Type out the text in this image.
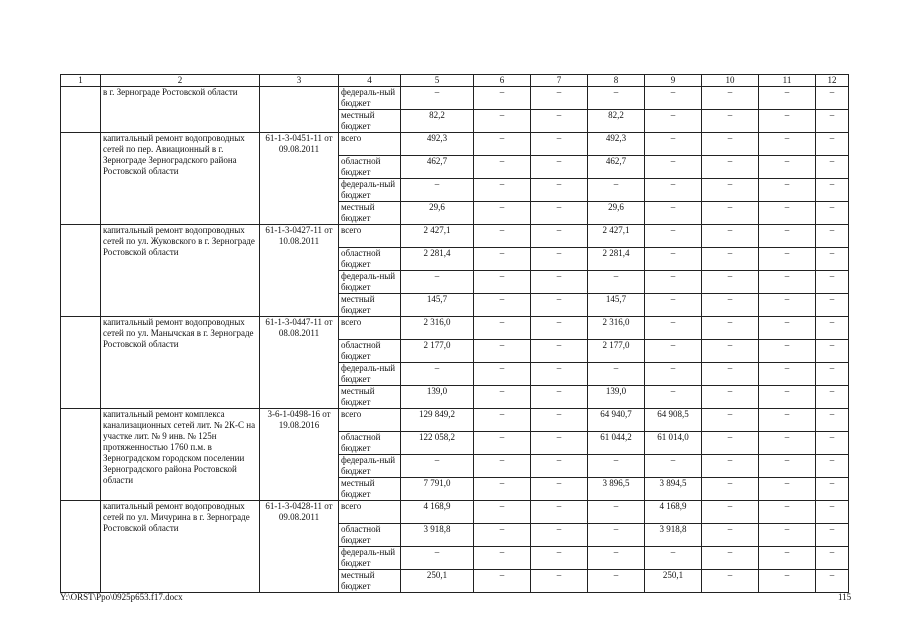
1	2	3	4	5	6	7	8	9	10	11	12
	в г. Зернограде Ростовской области		федераль-ный бюджет	–	–	–	–	–	–	–	–
			местный бюджет	82,2	–	–	82,2	–	–	–	–
	капитальный ремонт водопроводных сетей по пер. Авиационный в г. Зернограде Зерноградского района Ростовской области	61-1-3-0451-11 от 09.08.2011	всего	492,3	–	–	492,3	–	–	–	–
			областной бюджет	462,7	–	–	462,7	–	–	–	–
			федераль-ный бюджет	–	–	–	–	–	–	–	–
			местный бюджет	29,6	–	–	29,6	–	–	–	–
	капитальный ремонт водопроводных сетей по ул. Жуковского в г. Зернограде Ростовской области	61-1-3-0427-11 от 10.08.2011	всего	2 427,1	–	–	2 427,1	–	–	–	–
			областной бюджет	2 281,4	–	–	2 281,4	–	–	–	–
			федераль-ный бюджет	–	–	–	–	–	–	–	–
			местный бюджет	145,7	–	–	145,7	–	–	–	–
	капитальный ремонт водопроводных сетей по ул. Манычская в г. Зернограде Ростовской области	61-1-3-0447-11 от 08.08.2011	всего	2 316,0	–	–	2 316,0	–	–	–	–
			областной бюджет	2 177,0	–	–	2 177,0	–	–	–	–
			федераль-ный бюджет	–	–	–	–	–	–	–	–
			местный бюджет	139,0	–	–	139,0	–	–	–	–
	капитальный ремонт комплекса канализационных сетей лит. № 2К-С на участке лит. № 9 инв. № 125н протяженностью 1760 п.м. в Зерноградском городском поселении Зерноградского района Ростовской области	3-6-1-0498-16 от 19.08.2016	всего	129 849,2	–	–	64 940,7	64 908,5	–	–	–
			областной бюджет	122 058,2	–	–	61 044,2	61 014,0	–	–	–
			федераль-ный бюджет	–	–	–	–	–	–	–	–
			местный бюджет	7 791,0	–	–	3 896,5	3 894,5	–	–	–
	капитальный ремонт водопроводных сетей по ул. Мичурина в г. Зернограде Ростовской области	61-1-3-0428-11 от 09.08.2011	всего	4 168,9	–	–	–	4 168,9	–	–	–
			областной бюджет	3 918,8	–	–	–	3 918,8	–	–	–
			федераль-ный бюджет	–	–	–	–	–	–	–	–
			местный бюджет	250,1	–	–	–	250,1	–	–	–
Y:\ORST\Ppo\0925p653.f17.docx	115
